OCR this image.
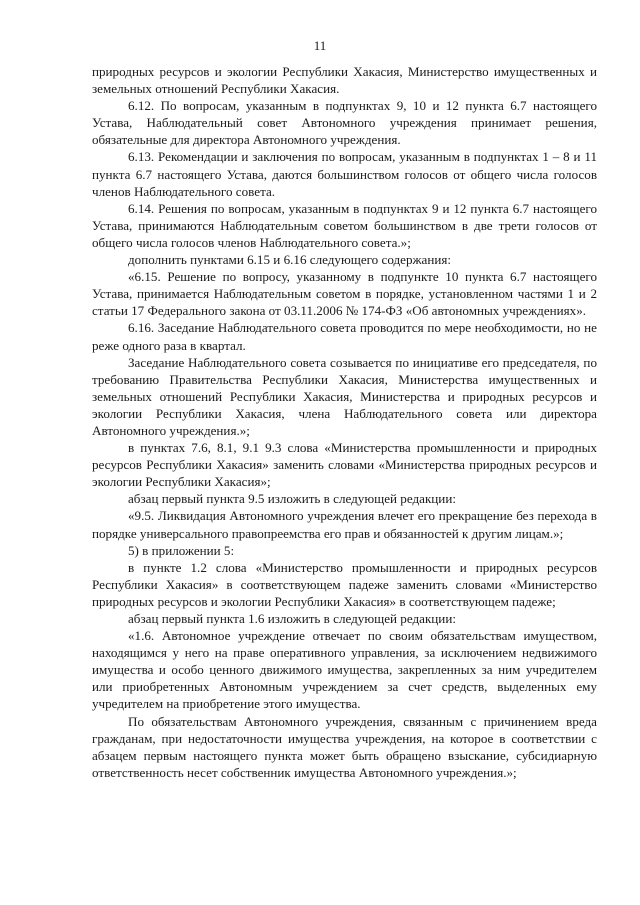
11

природных ресурсов и экологии Республики Хакасия, Министерство имущественных и земельных отношений Республики Хакасия.

6.12. По вопросам, указанным в подпунктах 9, 10 и 12 пункта 6.7 настоящего Устава, Наблюдательный совет Автономного учреждения принимает решения, обязательные для директора Автономного учреждения.

6.13. Рекомендации и заключения по вопросам, указанным в подпунктах 1 – 8 и 11 пункта 6.7 настоящего Устава, даются большинством голосов от общего числа голосов членов Наблюдательного совета.

6.14. Решения по вопросам, указанным в подпунктах 9 и 12 пункта 6.7 настоящего Устава, принимаются Наблюдательным советом большинством в две трети голосов от общего числа голосов членов Наблюдательного совета.»;

дополнить пунктами 6.15 и 6.16 следующего содержания:

«6.15. Решение по вопросу, указанному в подпункте 10 пункта 6.7 настоящего Устава, принимается Наблюдательным советом в порядке, установленном частями 1 и 2 статьи 17 Федерального закона от 03.11.2006 № 174-ФЗ «Об автономных учреждениях».

6.16. Заседание Наблюдательного совета проводится по мере необходимости, но не реже одного раза в квартал.

Заседание Наблюдательного совета созывается по инициативе его председателя, по требованию Правительства Республики Хакасия, Министерства имущественных и земельных отношений Республики Хакасия, Министерства и природных ресурсов и экологии Республики Хакасия, члена Наблюдательного совета или директора Автономного учреждения.»;

в пунктах 7.6, 8.1, 9.1 9.3 слова «Министерства промышленности и природных ресурсов Республики Хакасия» заменить словами «Министерства природных ресурсов и экологии Республики Хакасия»;

абзац первый пункта 9.5 изложить в следующей редакции:

«9.5. Ликвидация Автономного учреждения влечет его прекращение без перехода в порядке универсального правопреемства его прав и обязанностей к другим лицам.»;

5) в приложении 5:

в пункте 1.2 слова «Министерство промышленности и природных ресурсов Республики Хакасия» в соответствующем падеже заменить словами «Министерство природных ресурсов и экологии Республики Хакасия» в соответствующем падеже;

абзац первый пункта 1.6 изложить в следующей редакции:

«1.6. Автономное учреждение отвечает по своим обязательствам имуществом, находящимся у него на праве оперативного управления, за исключением недвижимого имущества и особо ценного движимого имущества, закрепленных за ним учредителем или приобретенных Автономным учреждением за счет средств, выделенных ему учредителем на приобретение этого имущества.

По обязательствам Автономного учреждения, связанным с причинением вреда гражданам, при недостаточности имущества учреждения, на которое в соответствии с абзацем первым настоящего пункта может быть обращено взыскание, субсидиарную ответственность несет собственник имущества Автономного учреждения.»;
